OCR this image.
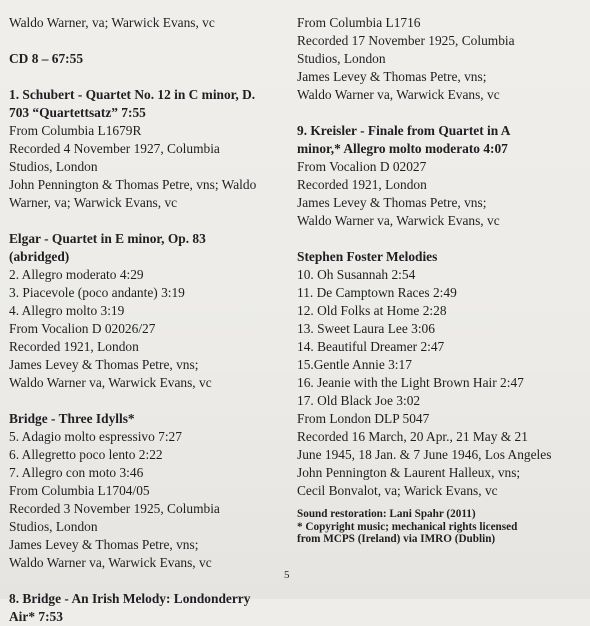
Waldo Warner, va; Warwick Evans, vc
CD 8 – 67:55
1. Schubert - Quartet No. 12 in C minor, D.
703 “Quartettsatz” 7:55
From Columbia L1679R
Recorded 4 November 1927, Columbia
Studios, London
John Pennington & Thomas Petre, vns; Waldo
Warner, va; Warwick Evans, vc
Elgar - Quartet in E minor, Op. 83
(abridged)
2. Allegro moderato 4:29
3. Piacevole (poco andante) 3:19
4. Allegro molto 3:19
From Vocalion D 02026/27
Recorded 1921, London
James Levey & Thomas Petre, vns;
Waldo Warner va, Warwick Evans, vc
Bridge - Three Idylls*
5. Adagio molto espressivo 7:27
6. Allegretto poco lento 2:22
7. Allegro con moto 3:46
From Columbia L1704/05
Recorded 3 November 1925, Columbia
Studios, London
James Levey & Thomas Petre, vns;
Waldo Warner va, Warwick Evans, vc
8. Bridge - An Irish Melody: Londonderry
Air* 7:53
From Columbia L1716
Recorded 17 November 1925, Columbia
Studios, London
James Levey & Thomas Petre, vns;
Waldo Warner va, Warwick Evans, vc
9. Kreisler - Finale from Quartet in A
minor,* Allegro molto moderato 4:07
From Vocalion D 02027
Recorded 1921, London
James Levey & Thomas Petre, vns;
Waldo Warner va, Warwick Evans, vc
Stephen Foster Melodies
10. Oh Susannah 2:54
11. De Camptown Races 2:49
12. Old Folks at Home 2:28
13. Sweet Laura Lee 3:06
14. Beautiful Dreamer 2:47
15.Gentle Annie 3:17
16. Jeanie with the Light Brown Hair 2:47
17. Old Black Joe 3:02
From London DLP 5047
Recorded 16 March, 20 Apr., 21 May & 21
June 1945, 18 Jan. & 7 June 1946, Los Angeles
John Pennington & Laurent Halleux, vns;
Cecil Bonvalot, va; Warick Evans, vc
Sound restoration: Lani Spahr (2011)
* Copyright music; mechanical rights licensed
from MCPS (Ireland) via IMRO (Dublin)
5
